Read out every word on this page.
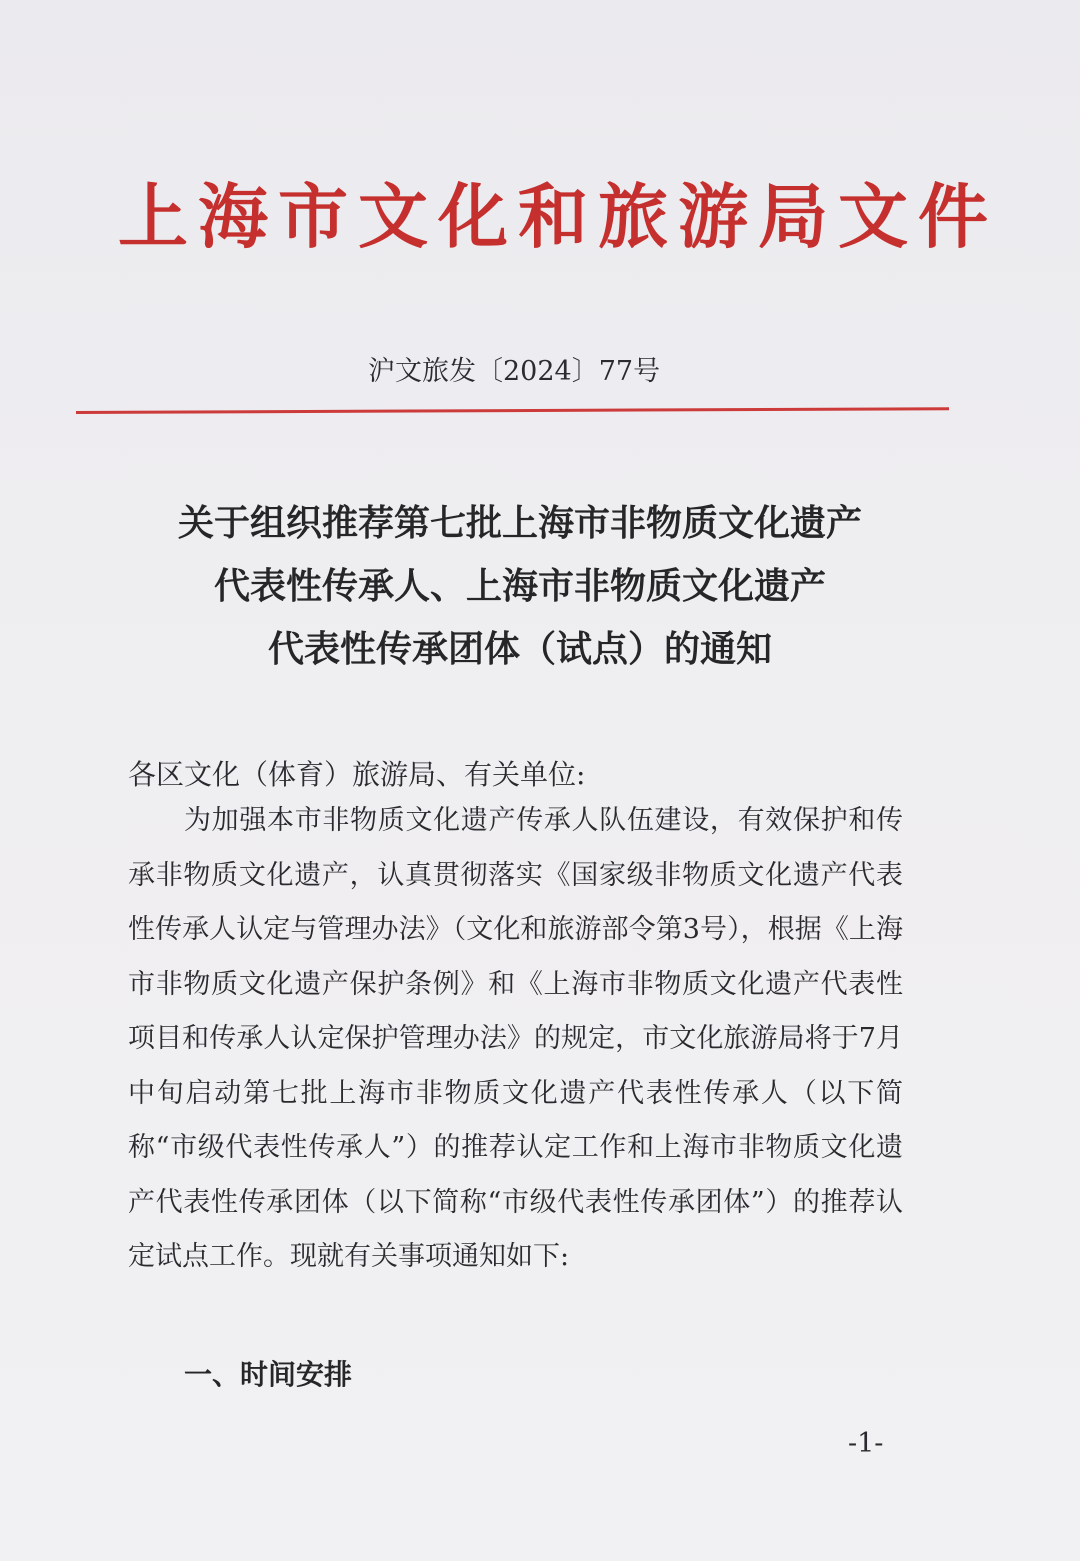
上海市文化和旅游局文件
沪文旅发〔2024〕77号
关于组织推荐第七批上海市非物质文化遗产
代表性传承人、上海市非物质文化遗产
代表性传承团体（试点）的通知
各区文化（体育）旅游局、有关单位:

为加强本市非物质文化遗产传承人队伍建设，有效保护和传承非物质文化遗产，认真贯彻落实《国家级非物质文化遗产代表性传承人认定与管理办法》（文化和旅游部令第3号），根据《上海市非物质文化遗产保护条例》和《上海市非物质文化遗产代表性项目和传承人认定保护管理办法》的规定，市文化旅游局将于7月中旬启动第七批上海市非物质文化遗产代表性传承人（以下简称“市级代表性传承人”）的推荐认定工作和上海市非物质文化遗产代表性传承团体（以下简称“市级代表性传承团体”）的推荐认定试点工作。现就有关事项通知如下:

一、时间安排
-1-
